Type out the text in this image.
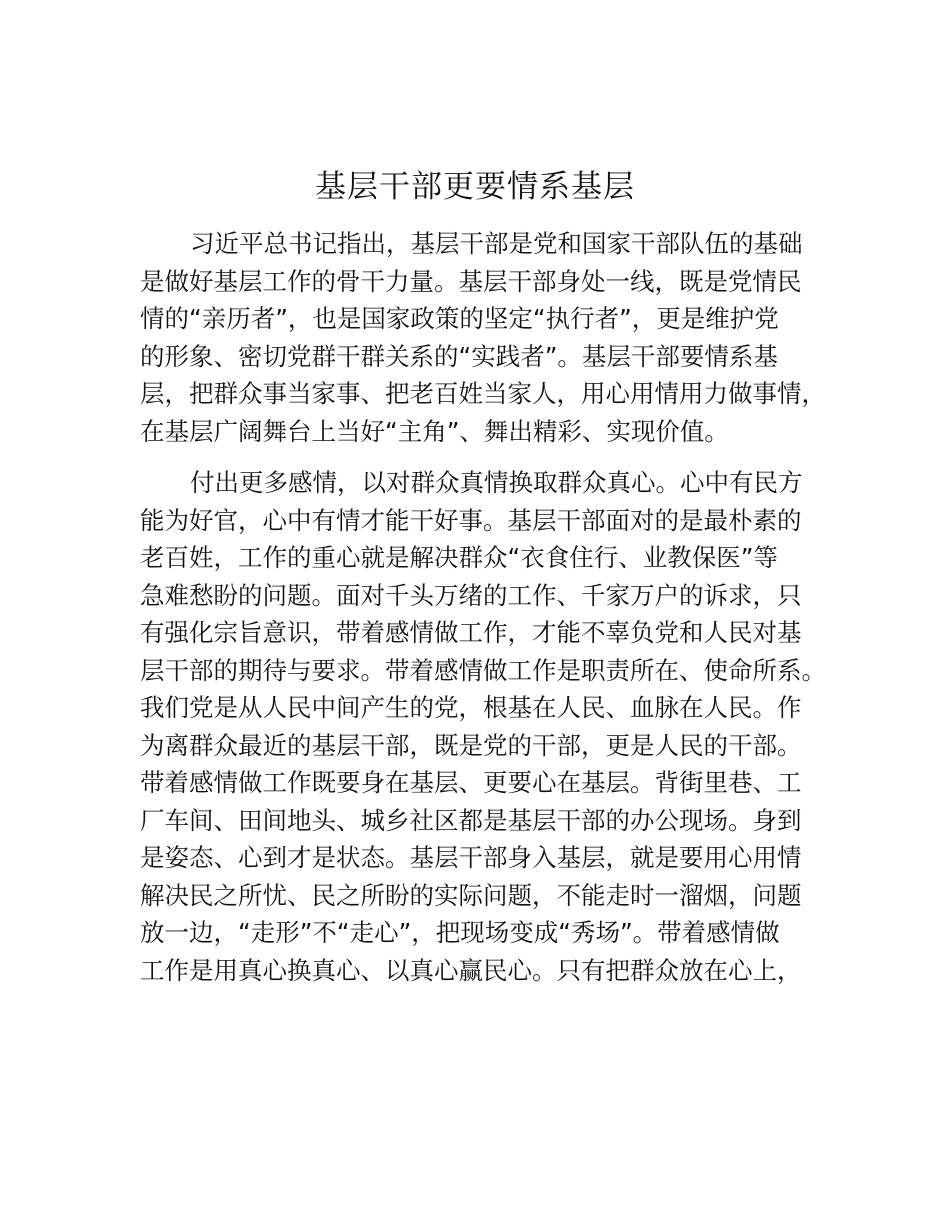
基层干部更要情系基层
习近平总书记指出，基层干部是党和国家干部队伍的基础
是做好基层工作的骨干力量。基层干部身处一线，既是党情民
情的“亲历者”，也是国家政策的坚定“执行者”，更是维护党
的形象、密切党群干群关系的“实践者”。基层干部要情系基
层，把群众事当家事、把老百姓当家人，用心用情用力做事情，
在基层广阔舞台上当好“主角”、舞出精彩、实现价值。
付出更多感情，以对群众真情换取群众真心。心中有民方
能为好官，心中有情才能干好事。基层干部面对的是最朴素的
老百姓，工作的重心就是解决群众“衣食住行、业教保医”等
急难愁盼的问题。面对千头万绪的工作、千家万户的诉求，只
有强化宗旨意识，带着感情做工作，才能不辜负党和人民对基
层干部的期待与要求。带着感情做工作是职责所在、使命所系。
我们党是从人民中间产生的党，根基在人民、血脉在人民。作
为离群众最近的基层干部，既是党的干部，更是人民的干部。
带着感情做工作既要身在基层、更要心在基层。背街里巷、工
厂车间、田间地头、城乡社区都是基层干部的办公现场。身到
是姿态、心到才是状态。基层干部身入基层，就是要用心用情
解决民之所忧、民之所盼的实际问题，不能走时一溜烟，问题
放一边，“走形”不“走心”，把现场变成“秀场”。带着感情做
工作是用真心换真心、以真心赢民心。只有把群众放在心上，
